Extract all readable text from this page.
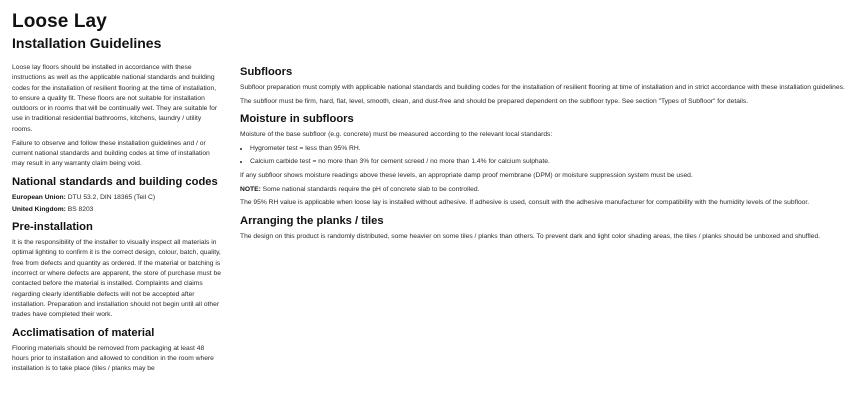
Loose Lay
Installation Guidelines

Loose lay floors should be installed in accordance with these instructions as well as the applicable national standards and building codes for the installation of resilient flooring at the time of installation, to ensure a quality fit. These floors are not suitable for installation outdoors or in rooms that will be continually wet. They are suitable for use in traditional residential bathrooms, kitchens, laundry / utility rooms.

Failure to observe and follow these installation guidelines and / or current national standards and building codes at time of installation may result in any warranty claim being void.

National standards and building codes
European Union: DTU 53.2, DIN 18365 (Teil C)
United Kingdom: BS 8203
Pre-installation

It is the responsibility of the installer to visually inspect all materials in optimal lighting to confirm it is the correct design, colour, batch, quality, free from defects and quantity as ordered. If the material or batching is incorrect or where defects are apparent, the store of purchase must be contacted before the material is installed. Complaints and claims regarding clearly identifiable defects will not be accepted after installation. Preparation and installation should not begin until all other trades have completed their work.

Acclimatisation of material

Flooring materials should be removed from packaging at least 48 hours prior to installation and allowed to condition in the room where installation is to take place (tiles / planks may be

Subfloors

Subfloor preparation must comply with applicable national standards and building codes for the installation of resilient flooring at time of installation and in strict accordance with these installation guidelines.

The subfloor must be firm, hard, flat, level, smooth, clean, and dust-free and should be prepared dependent on the subfloor type. See section "Types of Subfloor" for details.

Moisture in subfloors

Moisture of the base subfloor (e.g. concrete) must be measured according to the relevant local standards:

• Hygrometer test = less than 95% RH.
• Calcium carbide test = no more than 3% for cement screed / no more than 1.4% for calcium sulphate.

If any subfloor shows moisture readings above these levels, an appropriate damp proof membrane (DPM) or moisture suppression system must be used.

NOTE: Some national standards require the pH of concrete slab to be controlled.

The 95% RH value is applicable when loose lay is installed without adhesive. If adhesive is used, consult with the adhesive manufacturer for compatibility with the humidity levels of the subfloor.

Arranging the planks / tiles

The design on this product is randomly distributed, some heavier on some tiles / planks than others. To prevent dark and light color shading areas, the tiles / planks should be unboxed and shuffled.
